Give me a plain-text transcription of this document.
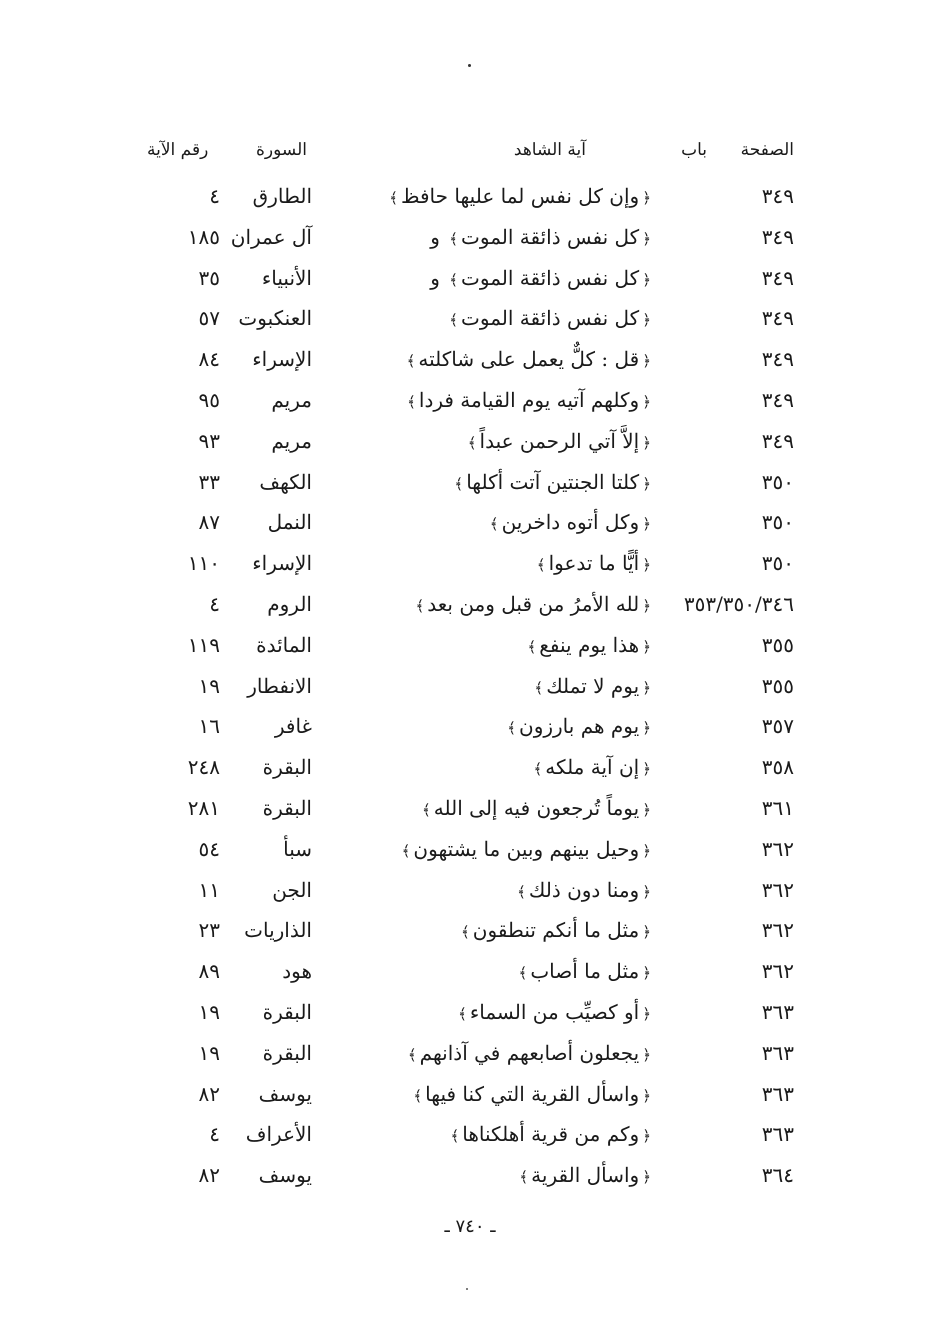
الصفحة
باب
آية الشاهد
السورة
رقم الآية
٣٤٩
﴿وإن كل نفس لما عليها حافظ﴾
الطارق
٤
٣٤٩
﴿كل نفس ذائقة الموت﴾ و
آل عمران
١٨٥
٣٤٩
﴿كل نفس ذائقة الموت﴾ و
الأنبياء
٣٥
٣٤٩
﴿كل نفس ذائقة الموت﴾
العنكبوت
٥٧
٣٤٩
﴿قل : كلٌّ يعمل على شاكلته﴾
الإسراء
٨٤
٣٤٩
﴿وكلهم آتيه يوم القيامة فردا﴾
مريم
٩٥
٣٤٩
﴿إلاَّ آتي الرحمن عبداً﴾
مريم
٩٣
٣٥٠
﴿كلتا الجنتين آتت أكلها﴾
الكهف
٣٣
٣٥٠
﴿وكل أتوه داخرين﴾
النمل
٨٧
٣٥٠
﴿أيًّا ما تدعوا﴾
الإسراء
١١٠
٣٥٣/٣٥٠/٣٤٦
﴿لله الأمرُ من قبل ومن بعد﴾
الروم
٤
٣٥٥
﴿هذا يوم ينفع﴾
المائدة
١١٩
٣٥٥
﴿يوم لا تملك﴾
الانفطار
١٩
٣٥٧
﴿يوم هم بارزون﴾
غافر
١٦
٣٥٨
﴿إن آية ملكه﴾
البقرة
٢٤٨
٣٦١
﴿يوماً تُرجعون فيه إلى الله﴾
البقرة
٢٨١
٣٦٢
﴿وحيل بينهم وبين ما يشتهون﴾
سبأ
٥٤
٣٦٢
﴿ومنا دون ذلك﴾
الجن
١١
٣٦٢
﴿مثل ما أنكم تنطقون﴾
الذاريات
٢٣
٣٦٢
﴿مثل ما أصاب﴾
هود
٨٩
٣٦٣
﴿أو كصيِّب من السماء﴾
البقرة
١٩
٣٦٣
﴿يجعلون أصابعهم في آذانهم﴾
البقرة
١٩
٣٦٣
﴿واسأل القرية التي كنا فيها﴾
يوسف
٨٢
٣٦٣
﴿وكم من قرية أهلكناها﴾
الأعراف
٤
٣٦٤
﴿واسأل القرية﴾
يوسف
٨٢
ـ ٧٤٠ ـ
